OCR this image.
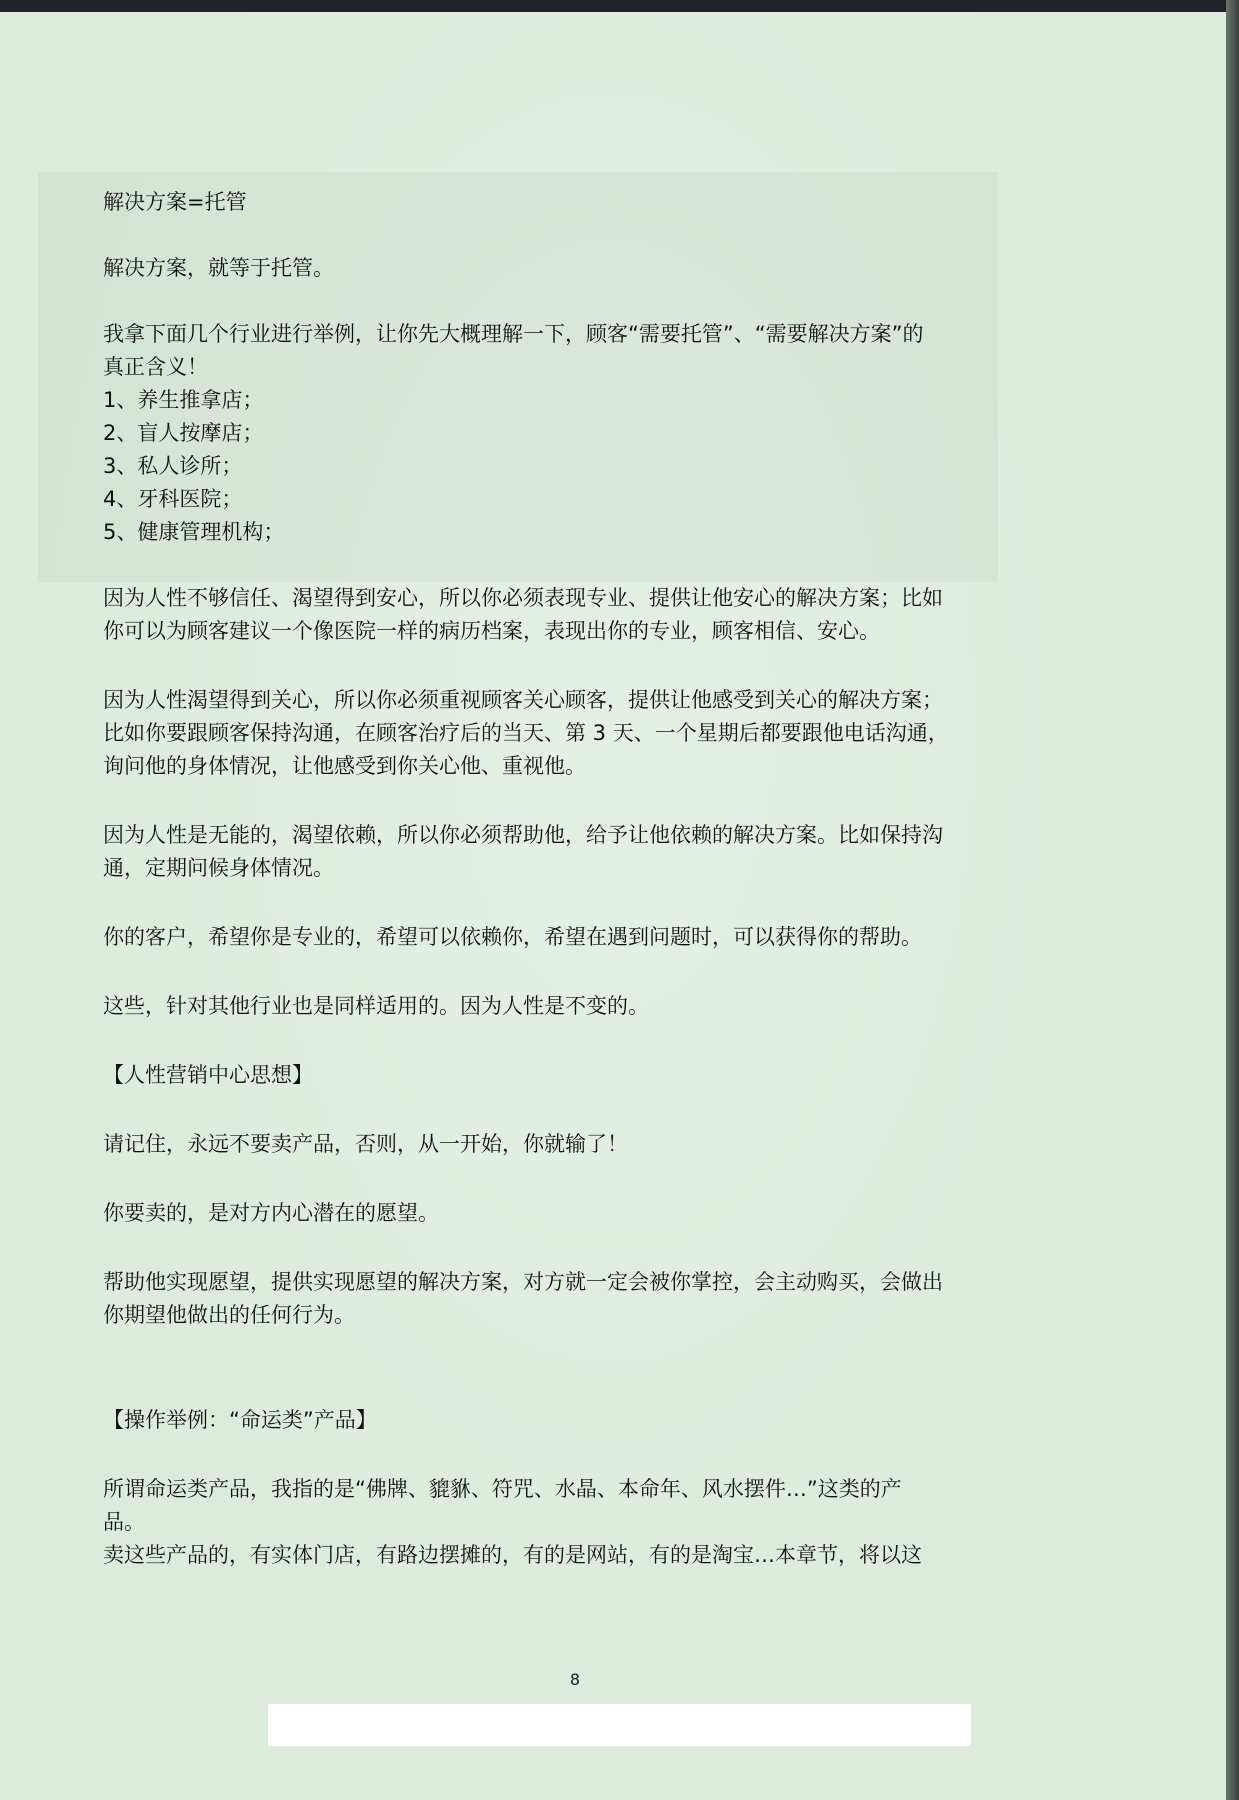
解决方案=托管

解决方案，就等于托管。

我拿下面几个行业进行举例，让你先大概理解一下，顾客“需要托管”、“需要解决方案”的

真正含义！

1、养生推拿店；

2、盲人按摩店；

3、私人诊所；

4、牙科医院；

5、健康管理机构；

因为人性不够信任、渴望得到安心，所以你必须表现专业、提供让他安心的解决方案；比如

你可以为顾客建议一个像医院一样的病历档案，表现出你的专业，顾客相信、安心。

因为人性渴望得到关心，所以你必须重视顾客关心顾客，提供让他感受到关心的解决方案；

比如你要跟顾客保持沟通，在顾客治疗后的当天、第 3 天、一个星期后都要跟他电话沟通，

询问他的身体情况，让他感受到你关心他、重视他。

因为人性是无能的，渴望依赖，所以你必须帮助他，给予让他依赖的解决方案。比如保持沟

通，定期问候身体情况。

你的客户，希望你是专业的，希望可以依赖你，希望在遇到问题时，可以获得你的帮助。

这些，针对其他行业也是同样适用的。因为人性是不变的。

【人性营销中心思想】

请记住，永远不要卖产品，否则，从一开始，你就输了！

你要卖的，是对方内心潜在的愿望。

帮助他实现愿望，提供实现愿望的解决方案，对方就一定会被你掌控，会主动购买，会做出

你期望他做出的任何行为。

【操作举例：“命运类”产品】

所谓命运类产品，我指的是“佛牌、貔貅、符咒、水晶、本命年、风水摆件…”这类的产

品。

卖这些产品的，有实体门店，有路边摆摊的，有的是网站，有的是淘宝…本章节，将以这

8
